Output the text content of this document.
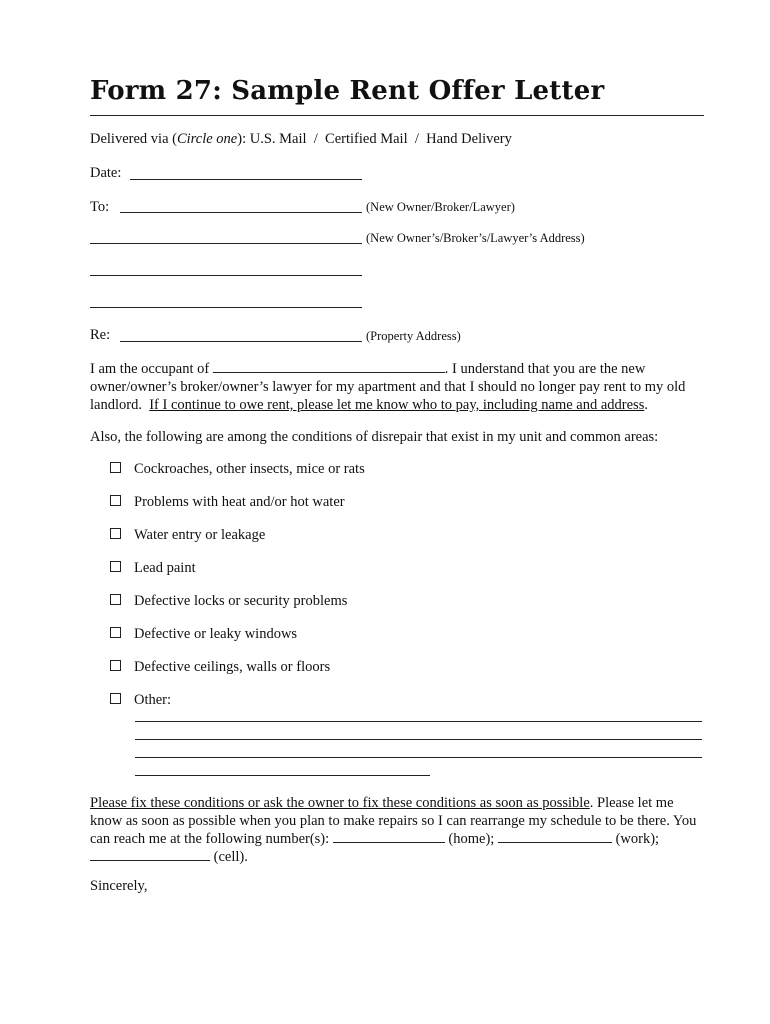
Form 27: Sample Rent Offer Letter
Delivered via (Circle one): U.S. Mail / Certified Mail / Hand Delivery
Date:
To:	(New Owner/Broker/Lawyer)
(New Owner’s/Broker’s/Lawyer’s Address)
Re:	(Property Address)
I am the occupant of	. I understand that you are the new owner/owner’s broker/owner’s lawyer for my apartment and that I should no longer pay rent to my old landlord. If I continue to owe rent, please let me know who to pay, including name and address.
Also, the following are among the conditions of disrepair that exist in my unit and common areas:
Cockroaches, other insects, mice or rats
Problems with heat and/or hot water
Water entry or leakage
Lead paint
Defective locks or security problems
Defective or leaky windows
Defective ceilings, walls or floors
Other:
Please fix these conditions or ask the owner to fix these conditions as soon as possible. Please let me know as soon as possible when you plan to make repairs so I can rearrange my schedule to be there. You can reach me at the following number(s):	(home);	(work);  (cell).
Sincerely,
